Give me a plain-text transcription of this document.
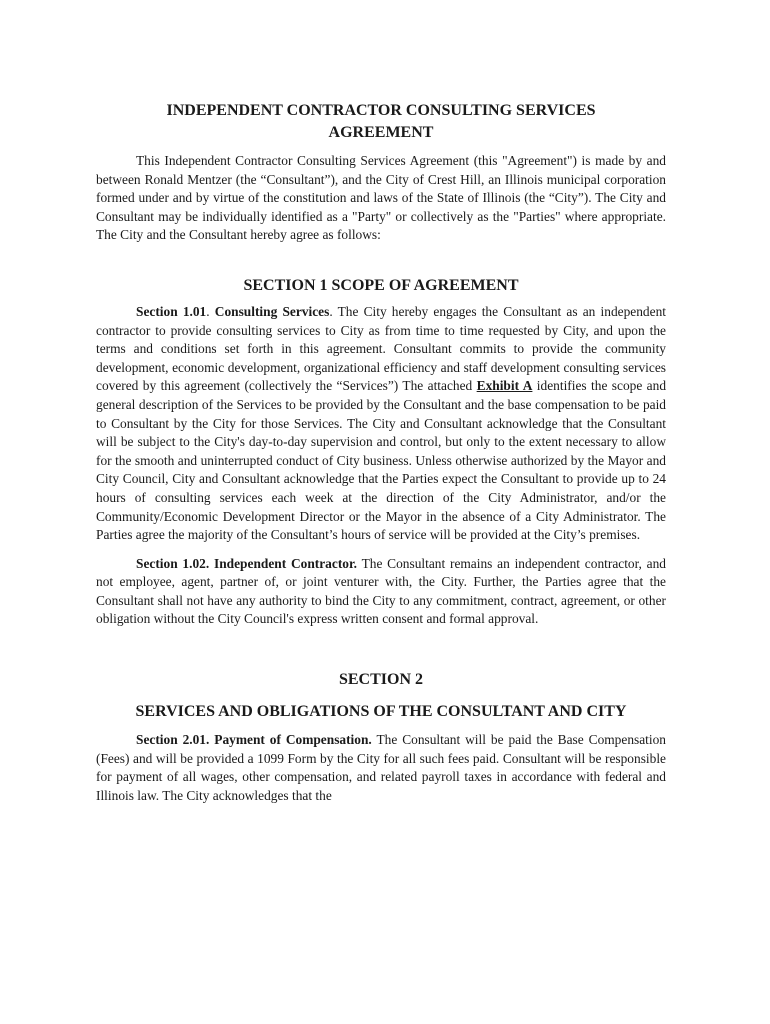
INDEPENDENT CONTRACTOR CONSULTING SERVICES
AGREEMENT

This Independent Contractor Consulting Services Agreement (this "Agreement") is made by and between Ronald Mentzer (the “Consultant”), and the City of Crest Hill, an Illinois municipal corporation formed under and by virtue of the constitution and laws of the State of Illinois (the “City”). The City and Consultant may be individually identified as a "Party" or collectively as the "Parties" where appropriate. The City and the Consultant hereby agree as follows:

SECTION 1 SCOPE OF AGREEMENT

Section 1.01. Consulting Services. The City hereby engages the Consultant as an independent contractor to provide consulting services to City as from time to time requested by City, and upon the terms and conditions set forth in this agreement. Consultant commits to provide the community development, economic development, organizational efficiency and staff development consulting services covered by this agreement (collectively the “Services”) The attached Exhibit A identifies the scope and general description of the Services to be provided by the Consultant and the base compensation to be paid to Consultant by the City for those Services. The City and Consultant acknowledge that the Consultant will be subject to the City's day-to-day supervision and control, but only to the extent necessary to allow for the smooth and uninterrupted conduct of City business. Unless otherwise authorized by the Mayor and City Council, City and Consultant acknowledge that the Parties expect the Consultant to provide up to 24 hours of consulting services each week at the direction of the City Administrator, and/or the Community/Economic Development Director or the Mayor in the absence of a City Administrator. The Parties agree the majority of the Consultant’s hours of service will be provided at the City’s premises.

Section 1.02. Independent Contractor. The Consultant remains an independent contractor, and not employee, agent, partner of, or joint venturer with, the City. Further, the Parties agree that the Consultant shall not have any authority to bind the City to any commitment, contract, agreement, or other obligation without the City Council's express written consent and formal approval.

SECTION 2
SERVICES AND OBLIGATIONS OF THE CONSULTANT AND CITY

Section 2.01. Payment of Compensation. The Consultant will be paid the Base Compensation (Fees) and will be provided a 1099 Form by the City for all such fees paid. Consultant will be responsible for payment of all wages, other compensation, and related payroll taxes in accordance with federal and Illinois law. The City acknowledges that the
